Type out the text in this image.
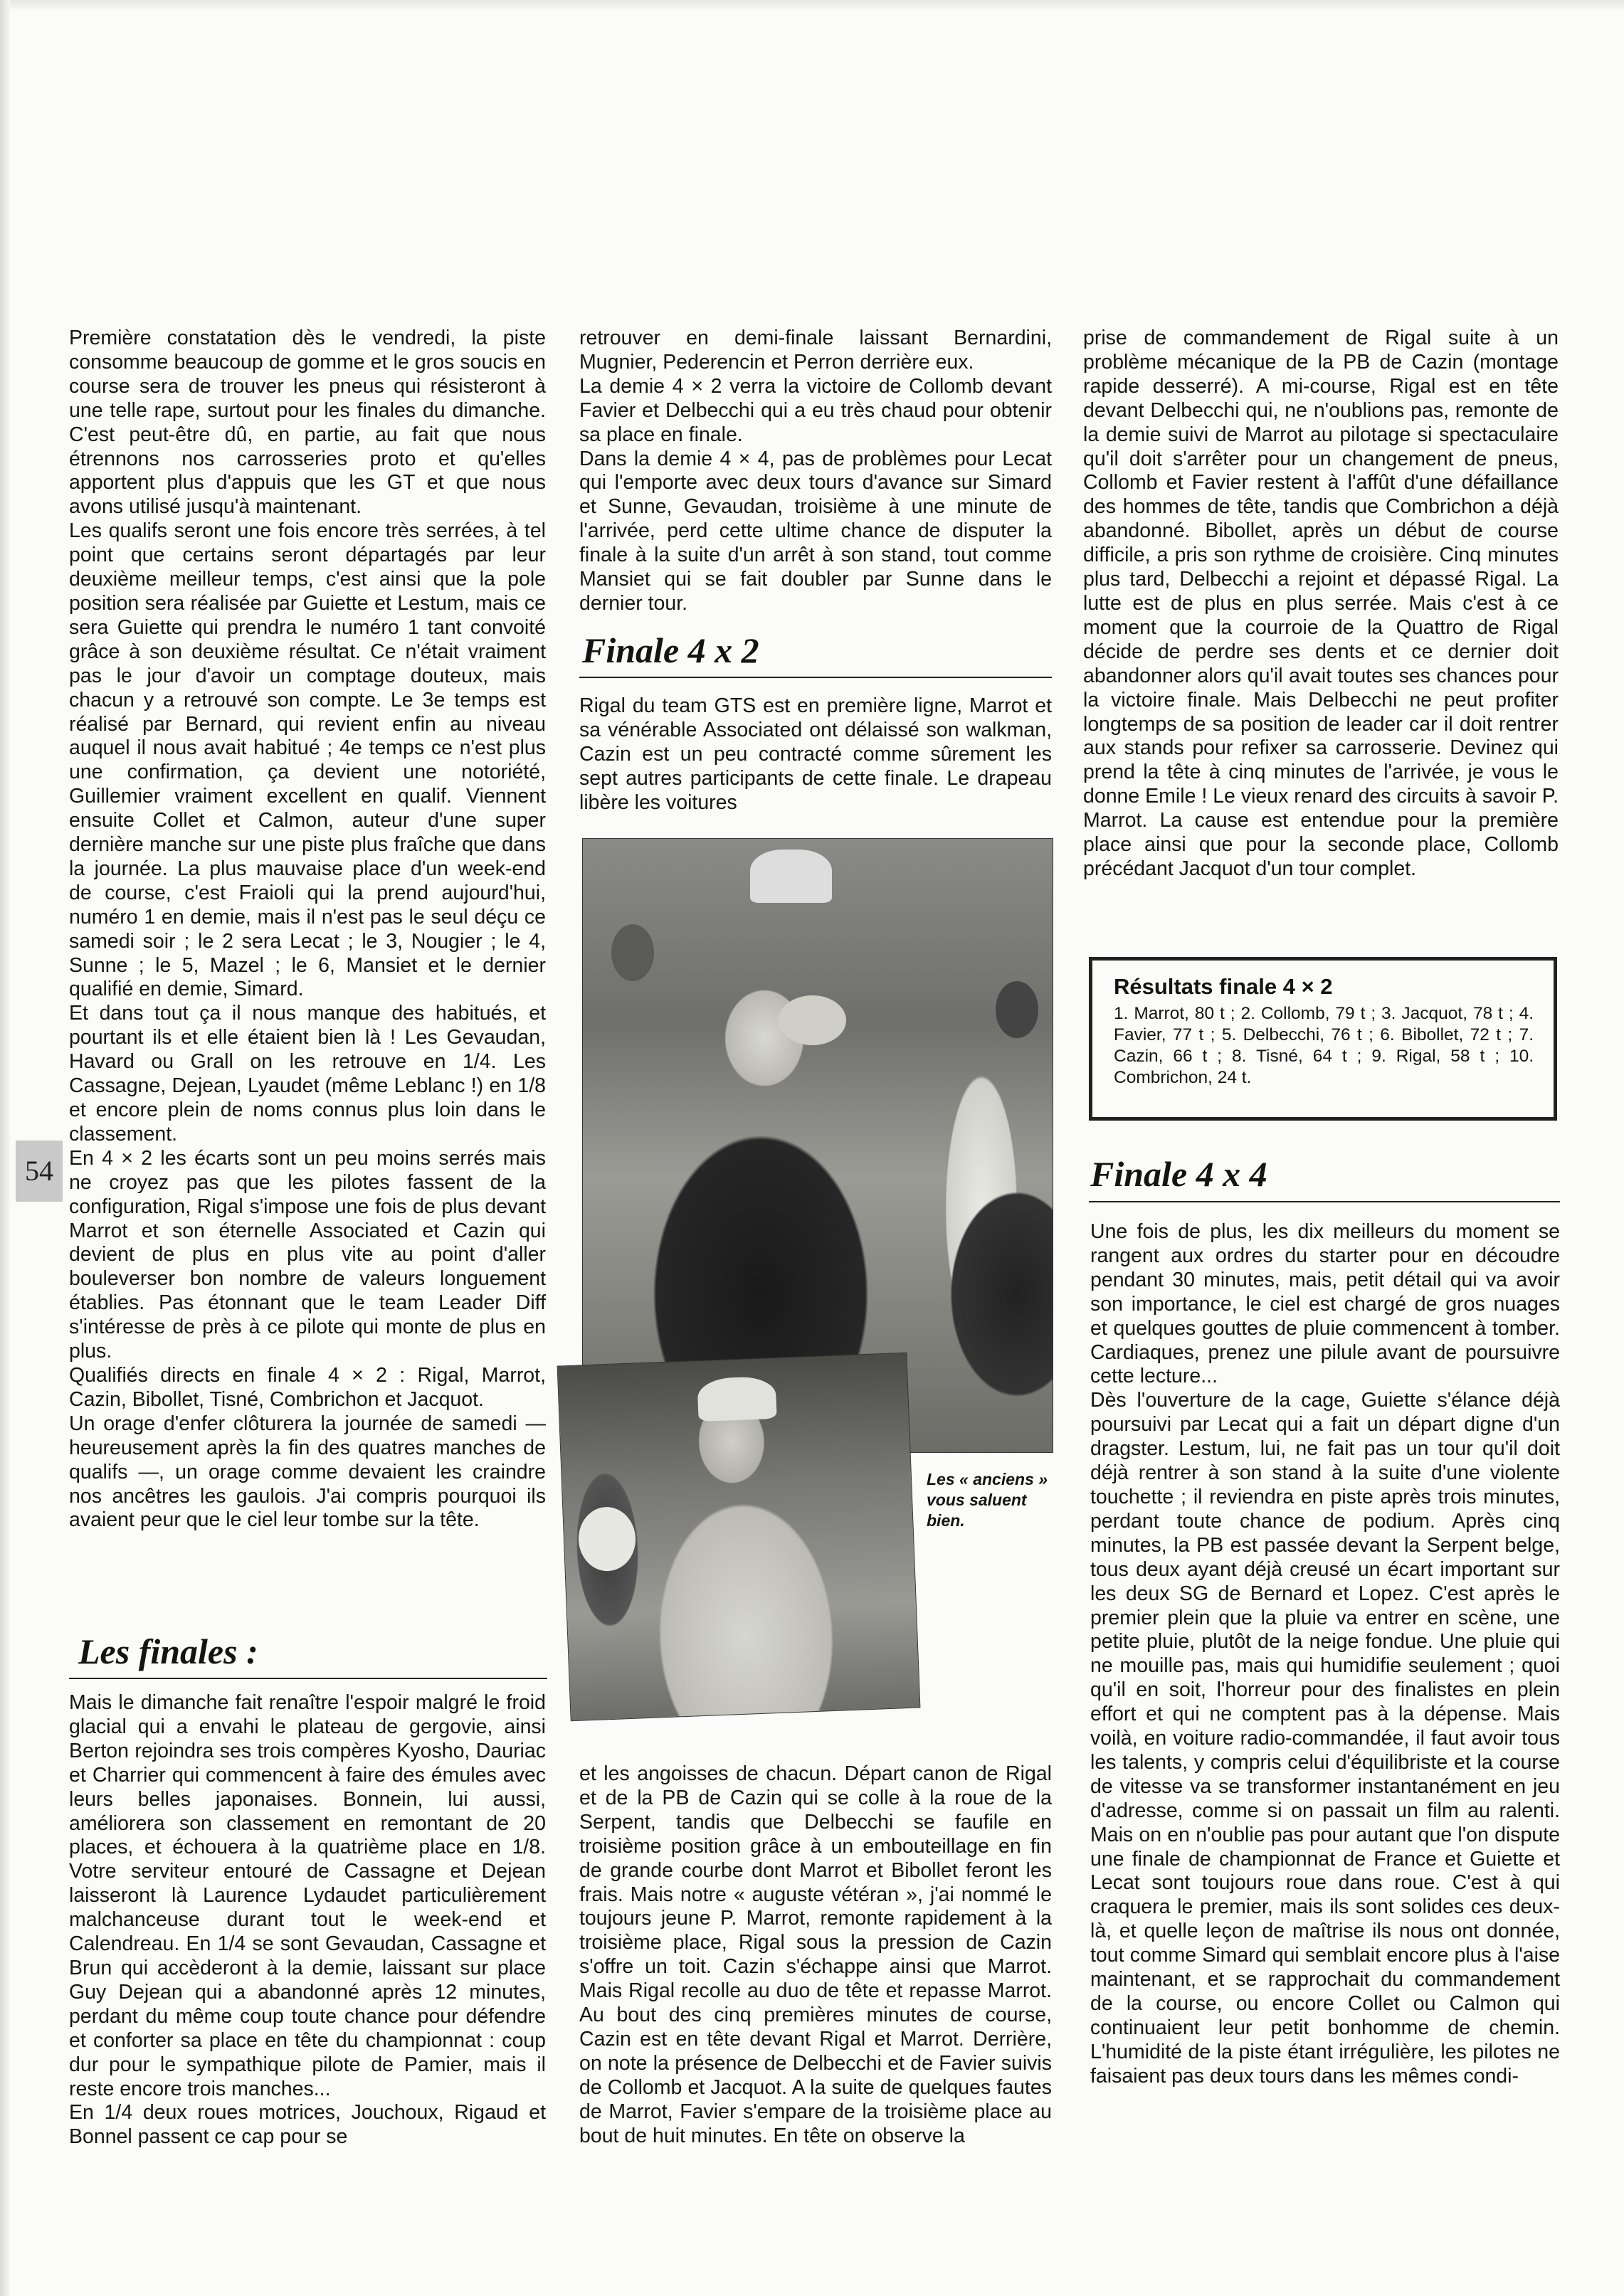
54

Première constatation dès le vendredi, la piste consomme beaucoup de gomme et le gros soucis en course sera de trouver les pneus qui résisteront à une telle rape, surtout pour les finales du dimanche. C'est peut-être dû, en partie, au fait que nous étrennons nos carrosseries proto et qu'elles apportent plus d'appuis que les GT et que nous avons utilisé jusqu'à maintenant.

Les qualifs seront une fois encore très serrées, à tel point que certains seront départagés par leur deuxième meilleur temps, c'est ainsi que la pole position sera réalisée par Guiette et Lestum, mais ce sera Guiette qui prendra le numéro 1 tant convoité grâce à son deuxième résultat. Ce n'était vraiment pas le jour d'avoir un comptage douteux, mais chacun y a retrouvé son compte. Le 3e temps est réalisé par Bernard, qui revient enfin au niveau auquel il nous avait habitué ; 4e temps ce n'est plus une confirmation, ça devient une notoriété, Guillemier vraiment excellent en qualif. Viennent ensuite Collet et Calmon, auteur d'une super dernière manche sur une piste plus fraîche que dans la journée. La plus mauvaise place d'un week-end de course, c'est Fraioli qui la prend aujourd'hui, numéro 1 en demie, mais il n'est pas le seul déçu ce samedi soir ; le 2 sera Lecat ; le 3, Nougier ; le 4, Sunne ; le 5, Mazel ; le 6, Mansiet et le dernier qualifié en demie, Simard.

Et dans tout ça il nous manque des habitués, et pourtant ils et elle étaient bien là ! Les Gevaudan, Havard ou Grall on les retrouve en 1/4. Les Cassagne, Dejean, Lyaudet (même Leblanc !) en 1/8 et encore plein de noms connus plus loin dans le classement.

En 4 × 2 les écarts sont un peu moins serrés mais ne croyez pas que les pilotes fassent de la configuration, Rigal s'impose une fois de plus devant Marrot et son éternelle Associated et Cazin qui devient de plus en plus vite au point d'aller bouleverser bon nombre de valeurs longuement établies. Pas étonnant que le team Leader Diff s'intéresse de près à ce pilote qui monte de plus en plus.

Qualifiés directs en finale 4 × 2 : Rigal, Marrot, Cazin, Bibollet, Tisné, Combrichon et Jacquot.

Un orage d'enfer clôturera la journée de samedi — heureusement après la fin des quatres manches de qualifs —, un orage comme devaient les craindre nos ancêtres les gaulois. J'ai compris pourquoi ils avaient peur que le ciel leur tombe sur la tête.

Les finales :

Mais le dimanche fait renaître l'espoir malgré le froid glacial qui a envahi le plateau de gergovie, ainsi Berton rejoindra ses trois compères Kyosho, Dauriac et Charrier qui commencent à faire des émules avec leurs belles japonaises. Bonnein, lui aussi, améliorera son classement en remontant de 20 places, et échouera à la quatrième place en 1/8. Votre serviteur entouré de Cassagne et Dejean laisseront là Laurence Lydaudet particulièrement malchanceuse durant tout le week-end et Calendreau. En 1/4 se sont Gevaudan, Cassagne et Brun qui accèderont à la demie, laissant sur place Guy Dejean qui a abandonné après 12 minutes, perdant du même coup toute chance pour défendre et conforter sa place en tête du championnat : coup dur pour le sympathique pilote de Pamier, mais il reste encore trois manches...

En 1/4 deux roues motrices, Jouchoux, Rigaud et Bonnel passent ce cap pour se

retrouver en demi-finale laissant Bernardini, Mugnier, Pederencin et Perron derrière eux.

La demie 4 × 2 verra la victoire de Collomb devant Favier et Delbecchi qui a eu très chaud pour obtenir sa place en finale.

Dans la demie 4 × 4, pas de problèmes pour Lecat qui l'emporte avec deux tours d'avance sur Simard et Sunne, Gevaudan, troisième à une minute de l'arrivée, perd cette ultime chance de disputer la finale à la suite d'un arrêt à son stand, tout comme Mansiet qui se fait doubler par Sunne dans le dernier tour.

Finale 4 x 2

Rigal du team GTS est en première ligne, Marrot et sa vénérable Associated ont délaissé son walkman, Cazin est un peu contracté comme sûrement les sept autres participants de cette finale. Le drapeau libère les voitures

Les « anciens » vous saluent bien.

et les angoisses de chacun. Départ canon de Rigal et de la PB de Cazin qui se colle à la roue de la Serpent, tandis que Delbecchi se faufile en troisième position grâce à un embouteillage en fin de grande courbe dont Marrot et Bibollet feront les frais. Mais notre « auguste vétéran », j'ai nommé le toujours jeune P. Marrot, remonte rapidement à la troisième place, Rigal sous la pression de Cazin s'offre un toit. Cazin s'échappe ainsi que Marrot. Mais Rigal recolle au duo de tête et repasse Marrot. Au bout des cinq premières minutes de course, Cazin est en tête devant Rigal et Marrot. Derrière, on note la présence de Delbecchi et de Favier suivis de Collomb et Jacquot. A la suite de quelques fautes de Marrot, Favier s'empare de la troisième place au bout de huit minutes. En tête on observe la

prise de commandement de Rigal suite à un problème mécanique de la PB de Cazin (montage rapide desserré). A mi-course, Rigal est en tête devant Delbecchi qui, ne n'oublions pas, remonte de la demie suivi de Marrot au pilotage si spectaculaire qu'il doit s'arrêter pour un changement de pneus, Collomb et Favier restent à l'affût d'une défaillance des hommes de tête, tandis que Combrichon a déjà abandonné. Bibollet, après un début de course difficile, a pris son rythme de croisière. Cinq minutes plus tard, Delbecchi a rejoint et dépassé Rigal. La lutte est de plus en plus serrée. Mais c'est à ce moment que la courroie de la Quattro de Rigal décide de perdre ses dents et ce dernier doit abandonner alors qu'il avait toutes ses chances pour la victoire finale. Mais Delbecchi ne peut profiter longtemps de sa position de leader car il doit rentrer aux stands pour refixer sa carrosserie. Devinez qui prend la tête à cinq minutes de l'arrivée, je vous le donne Emile ! Le vieux renard des circuits à savoir P. Marrot. La cause est entendue pour la première place ainsi que pour la seconde place, Collomb précédant Jacquot d'un tour complet.

Résultats finale 4 × 2

1. Marrot, 80 t ; 2. Collomb, 79 t ; 3. Jacquot, 78 t ; 4. Favier, 77 t ; 5. Delbecchi, 76 t ; 6. Bibollet, 72 t ; 7. Cazin, 66 t ; 8. Tisné, 64 t ; 9. Rigal, 58 t ; 10. Combrichon, 24 t.

Finale 4 x 4

Une fois de plus, les dix meilleurs du moment se rangent aux ordres du starter pour en découdre pendant 30 minutes, mais, petit détail qui va avoir son importance, le ciel est chargé de gros nuages et quelques gouttes de pluie commencent à tomber. Cardiaques, prenez une pilule avant de poursuivre cette lecture...

Dès l'ouverture de la cage, Guiette s'élance déjà poursuivi par Lecat qui a fait un départ digne d'un dragster. Lestum, lui, ne fait pas un tour qu'il doit déjà rentrer à son stand à la suite d'une violente touchette ; il reviendra en piste après trois minutes, perdant toute chance de podium. Après cinq minutes, la PB est passée devant la Serpent belge, tous deux ayant déjà creusé un écart important sur les deux SG de Bernard et Lopez. C'est après le premier plein que la pluie va entrer en scène, une petite pluie, plutôt de la neige fondue. Une pluie qui ne mouille pas, mais qui humidifie seulement ; quoi qu'il en soit, l'horreur pour des finalistes en plein effort et qui ne comptent pas à la dépense. Mais voilà, en voiture radio-commandée, il faut avoir tous les talents, y compris celui d'équilibriste et la course de vitesse va se transformer instantanément en jeu d'adresse, comme si on passait un film au ralenti. Mais on en n'oublie pas pour autant que l'on dispute une finale de championnat de France et Guiette et Lecat sont toujours roue dans roue. C'est à qui craquera le premier, mais ils sont solides ces deux-là, et quelle leçon de maîtrise ils nous ont donnée, tout comme Simard qui semblait encore plus à l'aise maintenant, et se rapprochait du commandement de la course, ou encore Collet ou Calmon qui continuaient leur petit bonhomme de chemin. L'humidité de la piste étant irrégulière, les pilotes ne faisaient pas deux tours dans les mêmes condi-
